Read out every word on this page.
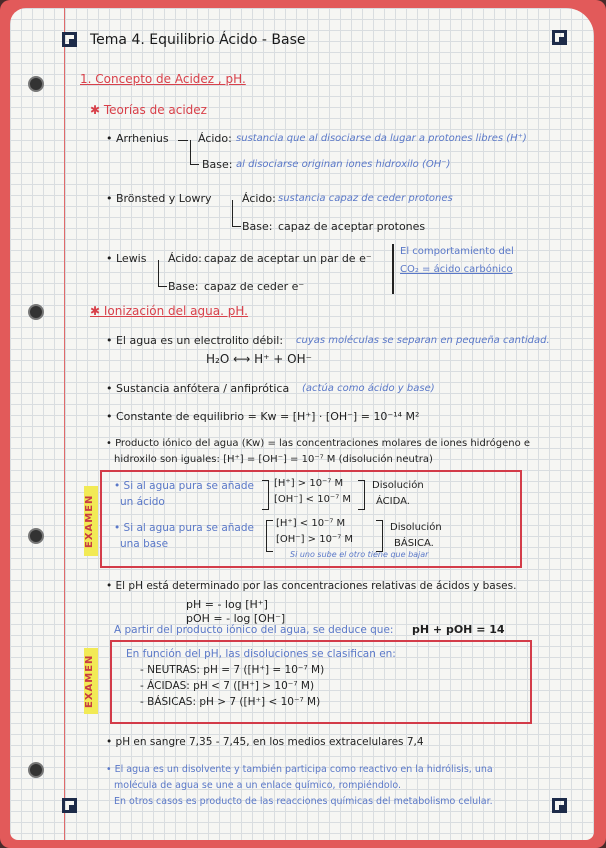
Tema 4. Equilibrio Ácido - Base
1. Concepto de Acidez , pH.
✱ Teorías de acidez
• Arrhenius	Ácido: sustancia que al disociarse da lugar a protones libres (H⁺)
Base: al disociarse originan iones hidroxilo (OH⁻)
• Brönsted y Lowry	Ácido: sustancia capaz de ceder protones
Base: capaz de aceptar protones
• Lewis Ácido: capaz de aceptar un par de e⁻
Base: capaz de ceder e⁻
El comportamiento del
CO₂ = ácido carbónico
✱ Ionización del agua. pH.
• El agua es un electrolito débil: cuyas moléculas se separan en pequeña cantidad.
H₂O ⟷ H⁺ + OH⁻
• Sustancia anfótera / anfiprótica (actúa como ácido y base)
• Constante de equilibrio = Kw = [H⁺] · [OH⁻] = 10⁻¹⁴ M²
• Producto iónico del agua (Kw) = las concentraciones molares de iones hidrógeno e
hidroxilo son iguales: [H⁺] = [OH⁻] = 10⁻⁷ M (disolución neutra)
EXAMEN
• Si al agua pura se añade
un ácido
[H⁺] > 10⁻⁷ M
[OH⁻] < 10⁻⁷ M
Disolución
ÁCIDA.
• Si al agua pura se añade
una base
[H⁺] < 10⁻⁷ M
[OH⁻] > 10⁻⁷ M
Disolución
BÁSICA.
Si uno sube el otro tiene que bajar
• El pH está determinado por las concentraciones relativas de ácidos y bases.
pH = - log [H⁺]
pOH = - log [OH⁻]
A partir del producto iónico del agua, se deduce que: pH + pOH = 14
EXAMEN
En función del pH, las disoluciones se clasifican en:
- NEUTRAS: pH = 7 ([H⁺] = 10⁻⁷ M)
- ÁCIDAS: pH < 7 ([H⁺] > 10⁻⁷ M)
- BÁSICAS: pH > 7 ([H⁺] < 10⁻⁷ M)
• pH en sangre 7,35 - 7,45, en los medios extracelulares 7,4
• El agua es un disolvente y también participa como reactivo en la hidrólisis, una
molécula de agua se une a un enlace químico, rompiéndolo.
En otros casos es producto de las reacciones químicas del metabolismo celular.
